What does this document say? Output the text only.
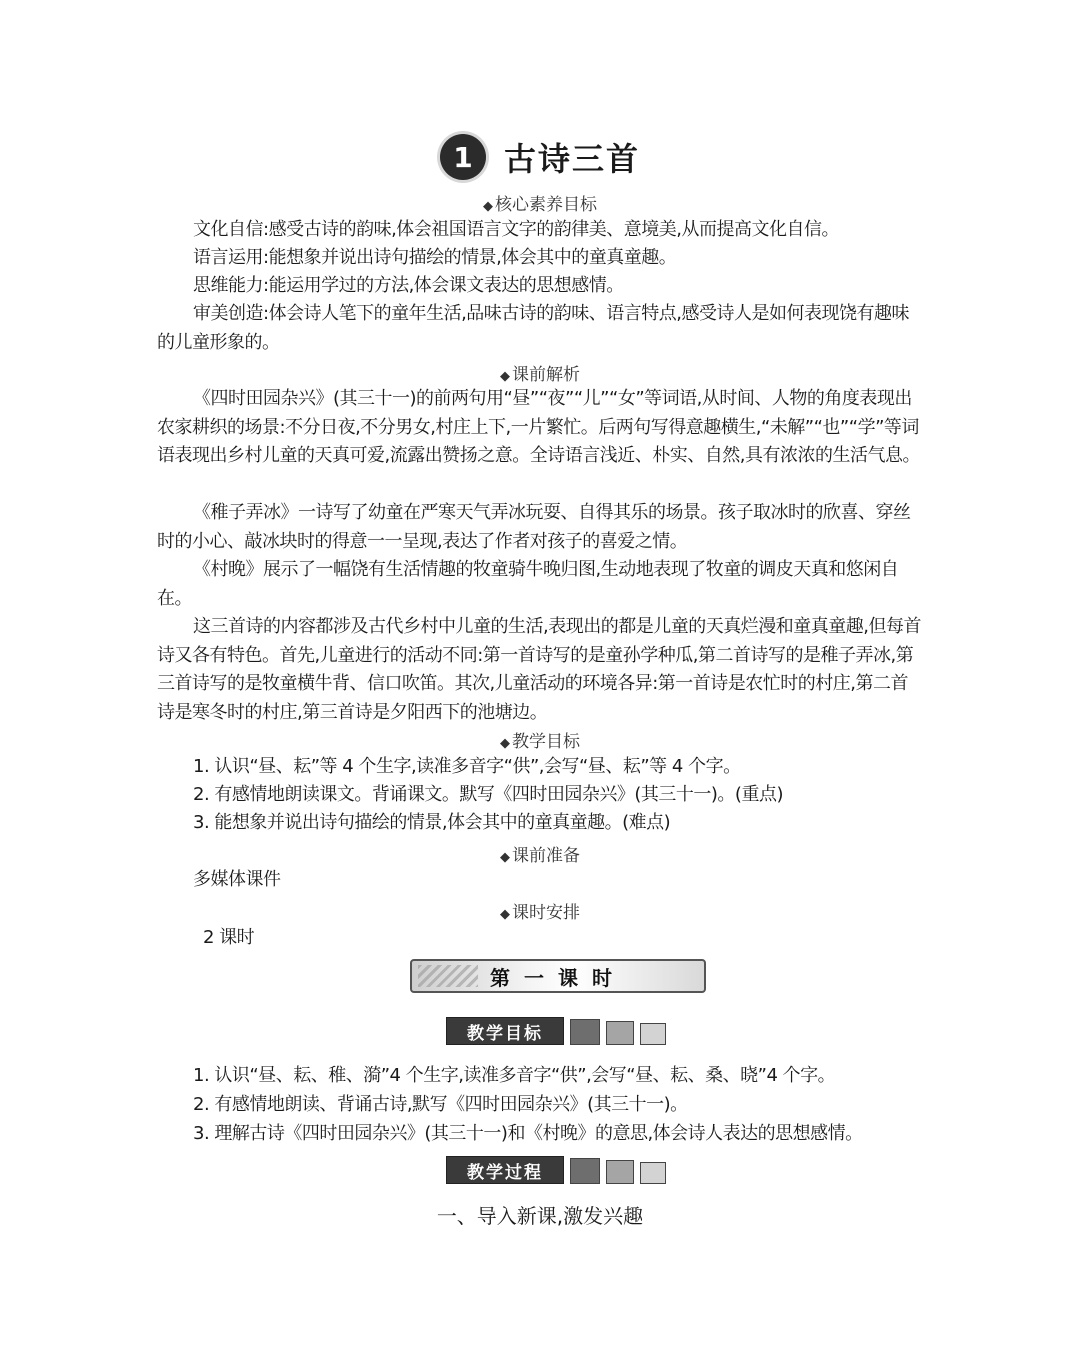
1 古诗三首
◆ 核心素养目标
文化自信:感受古诗的韵味,体会祖国语言文字的韵律美、意境美,从而提高文化自信。
语言运用:能想象并说出诗句描绘的情景,体会其中的童真童趣。
思维能力:能运用学过的方法,体会课文表达的思想感情。

审美创造:体会诗人笔下的童年生活,品味古诗的韵味、语言特点,感受诗人是如何表现饶有趣味的儿童形象的。

◆ 课前解析

《四时田园杂兴》(其三十一)的前两句用“昼”“夜”“儿”“女”等词语,从时间、人物的角度表现出农家耕织的场景:不分日夜,不分男女,村庄上下,一片繁忙。后两句写得意趣横生,“未解”“也”“学”等词语表现出乡村儿童的天真可爱,流露出赞扬之意。全诗语言浅近、朴实、自然,具有浓浓的生活气息。

《稚子弄冰》一诗写了幼童在严寒天气弄冰玩耍、自得其乐的场景。孩子取冰时的欣喜、穿丝时的小心、敲冰块时的得意一一呈现,表达了作者对孩子的喜爱之情。

《村晚》展示了一幅饶有生活情趣的牧童骑牛晚归图,生动地表现了牧童的调皮天真和悠闲自在。

这三首诗的内容都涉及古代乡村中儿童的生活,表现出的都是儿童的天真烂漫和童真童趣,但每首诗又各有特色。首先,儿童进行的活动不同:第一首诗写的是童孙学种瓜,第二首诗写的是稚子弄冰,第三首诗写的是牧童横牛背、信口吹笛。其次,儿童活动的环境各异:第一首诗是农忙时的村庄,第二首诗是寒冬时的村庄,第三首诗是夕阳西下的池塘边。

◆ 教学目标
1. 认识“昼、耘”等 4 个生字,读准多音字“供”,会写“昼、耘”等 4 个字。
2. 有感情地朗读课文。背诵课文。默写《四时田园杂兴》(其三十一)。(重点)
3. 能想象并说出诗句描绘的情景,体会其中的童真童趣。(难点)
◆ 课前准备
多媒体课件
◆ 课时安排
2 课时
第一课时
教学目标
1. 认识“昼、耘、稚、漪”4 个生字,读准多音字“供”,会写“昼、耘、桑、晓”4 个字。
2. 有感情地朗读、背诵古诗,默写《四时田园杂兴》(其三十一)。
3. 理解古诗《四时田园杂兴》(其三十一)和《村晚》的意思,体会诗人表达的思想感情。
教学过程
一、导入新课,激发兴趣
